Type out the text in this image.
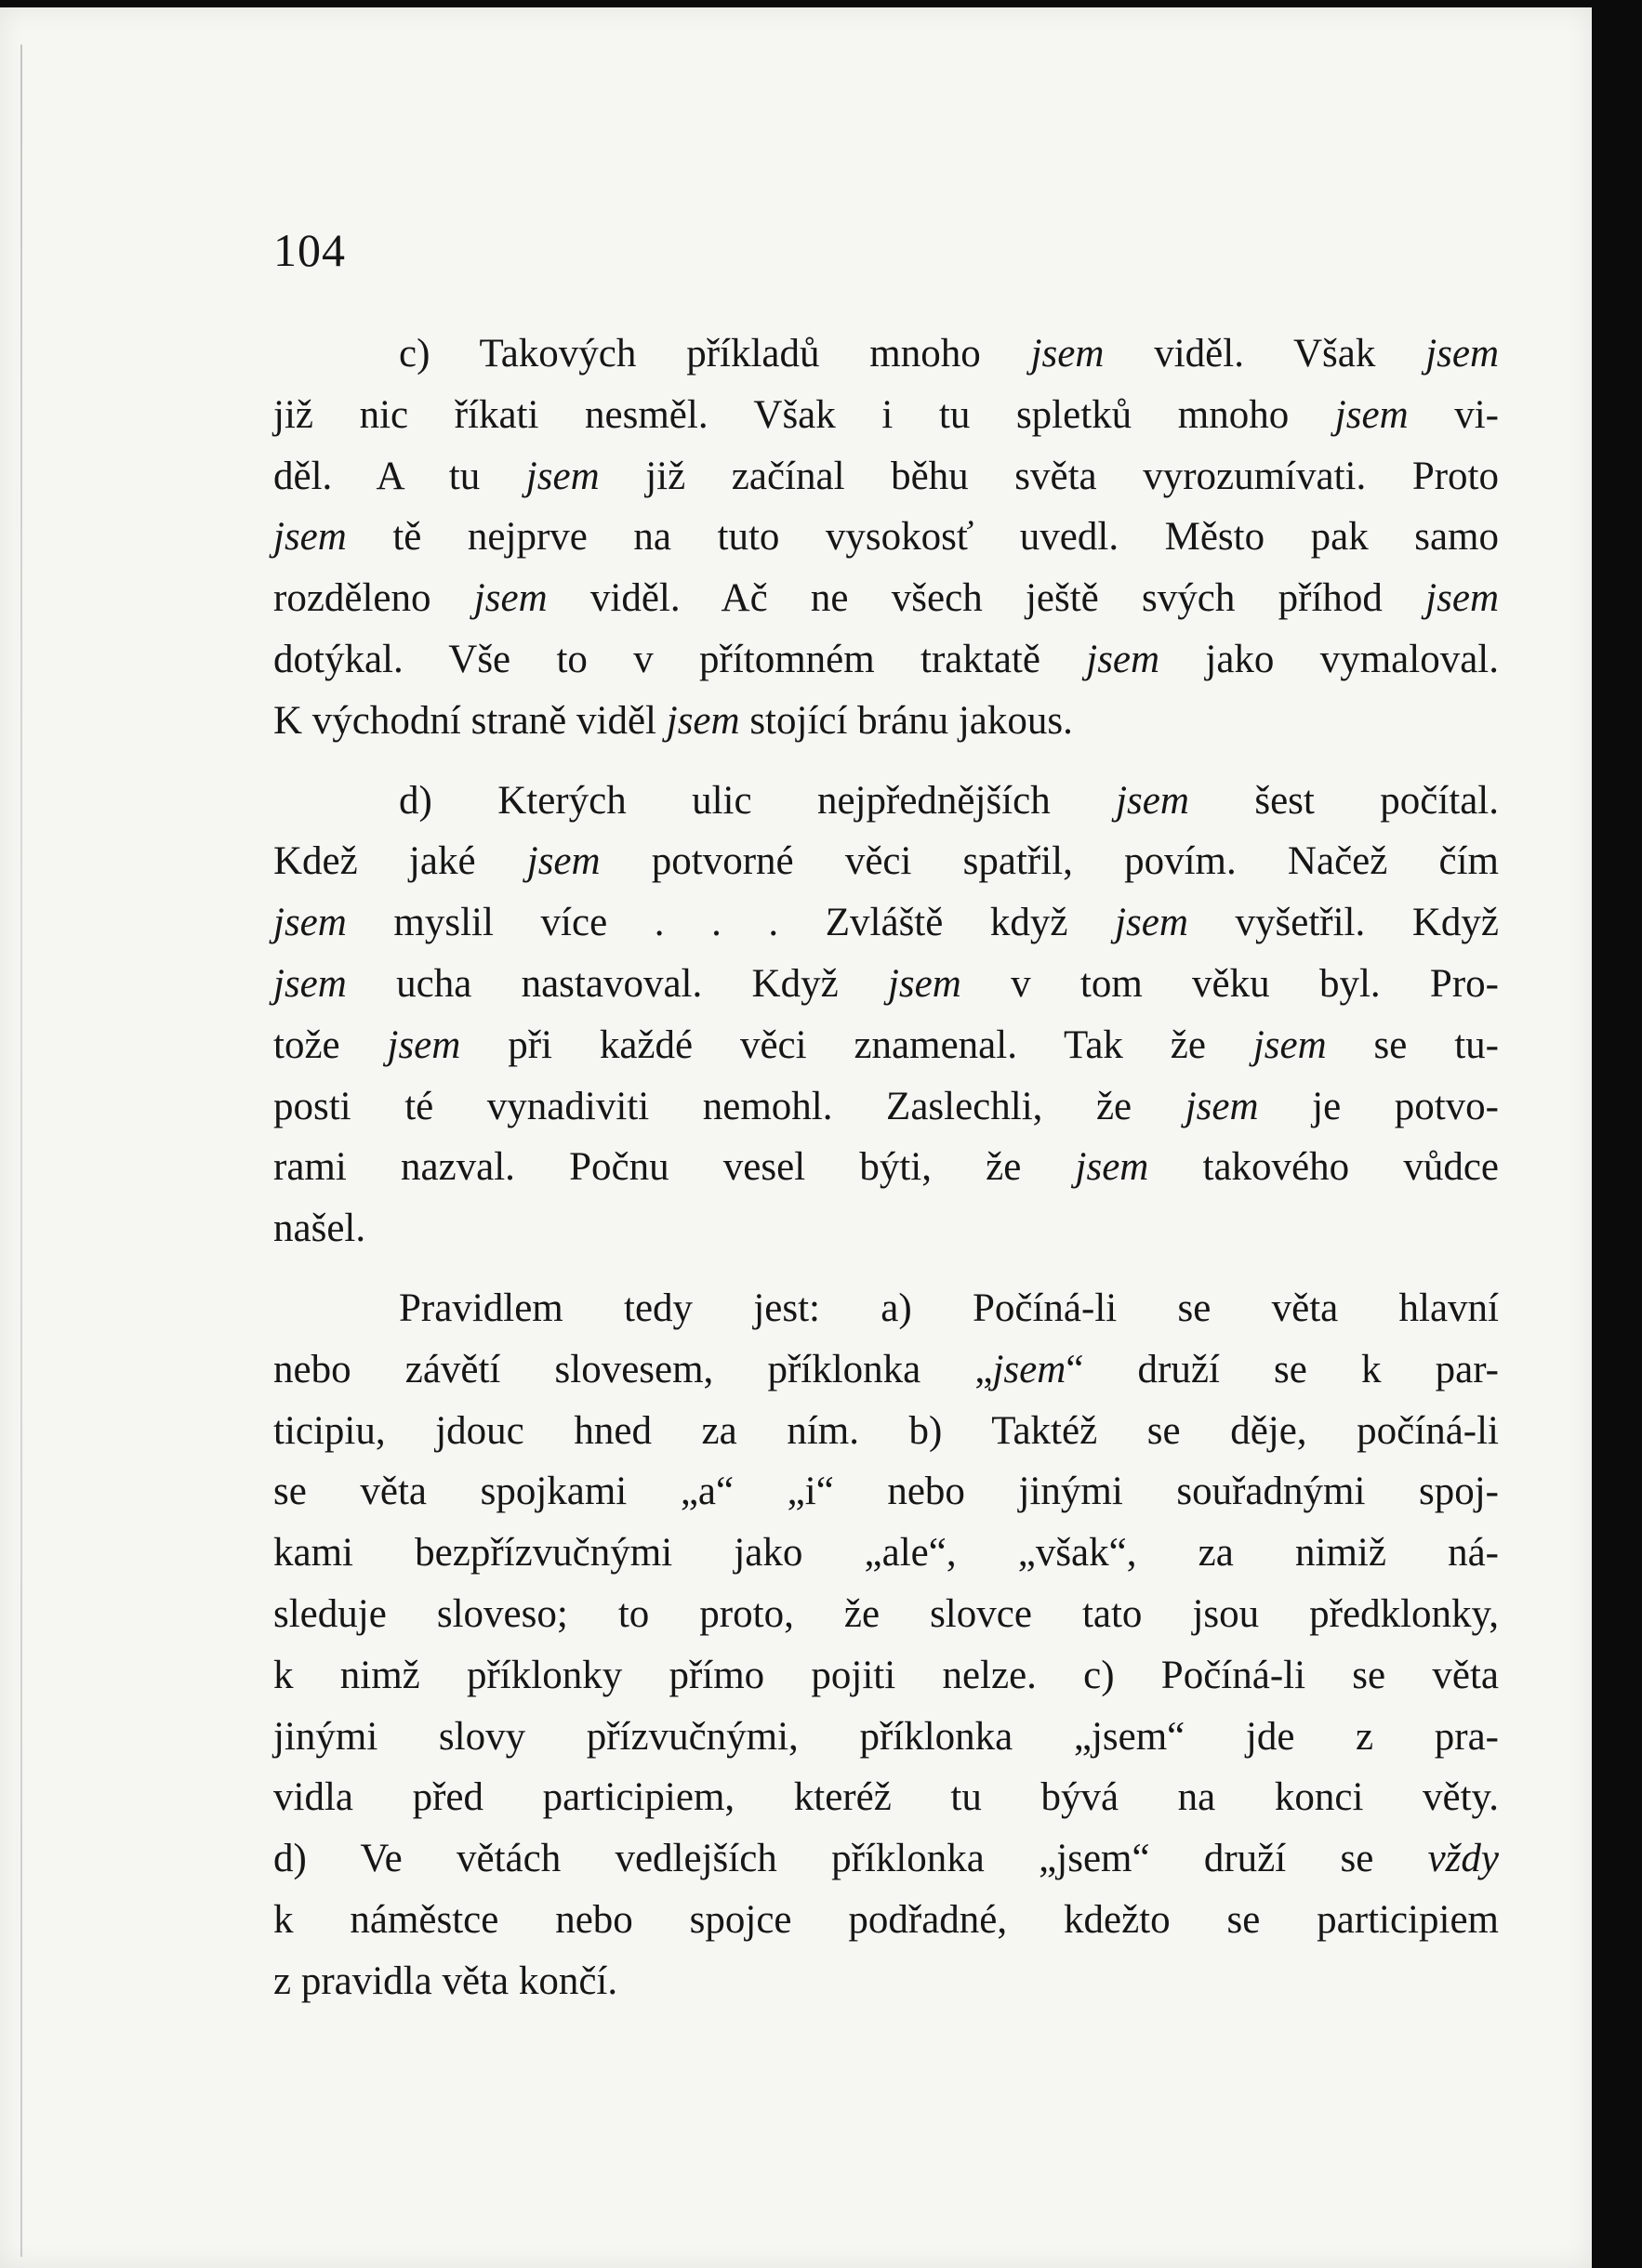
104
c) Takových příkladů mnoho jsem viděl. Však jsem
již nic říkati nesměl. Však i tu spletků mnoho jsem vi-
děl. A tu jsem již začínal běhu světa vyrozumívati. Proto
jsem tě nejprve na tuto vysokosť uvedl. Město pak samo
rozděleno jsem viděl. Ač ne všech ještě svých příhod jsem
dotýkal. Vše to v přítomném traktatě jsem jako vymaloval.
K východní straně viděl jsem stojící bránu jakous.
d) Kterých ulic nejpřednějších jsem šest počítal.
Kdež jaké jsem potvorné věci spatřil, povím. Načež čím
jsem myslil více . . . Zvláště když jsem vyšetřil. Když
jsem ucha nastavoval. Když jsem v tom věku byl. Pro-
tože jsem při každé věci znamenal. Tak že jsem se tu-
posti té vynadiviti nemohl. Zaslechli, že jsem je potvo-
rami nazval. Počnu vesel býti, že jsem takového vůdce
našel.
Pravidlem tedy jest: a) Počíná-li se věta hlavní
nebo závětí slovesem, příklonka „jsem“ druží se k par-
ticipiu, jdouc hned za ním. b) Taktéž se děje, počíná-li
se věta spojkami „a“ „i“ nebo jinými souřadnými spoj-
kami bezpřízvučnými jako „ale“, „však“, za nimiž ná-
sleduje sloveso; to proto, že slovce tato jsou předklonky,
k nimž příklonky přímo pojiti nelze. c) Počíná-li se věta
jinými slovy přízvučnými, příklonka „jsem“ jde z pra-
vidla před participiem, kteréž tu bývá na konci věty.
d) Ve větách vedlejších příklonka „jsem“ druží se vždy
k náměstce nebo spojce podřadné, kdežto se participiem
z pravidla věta končí.
